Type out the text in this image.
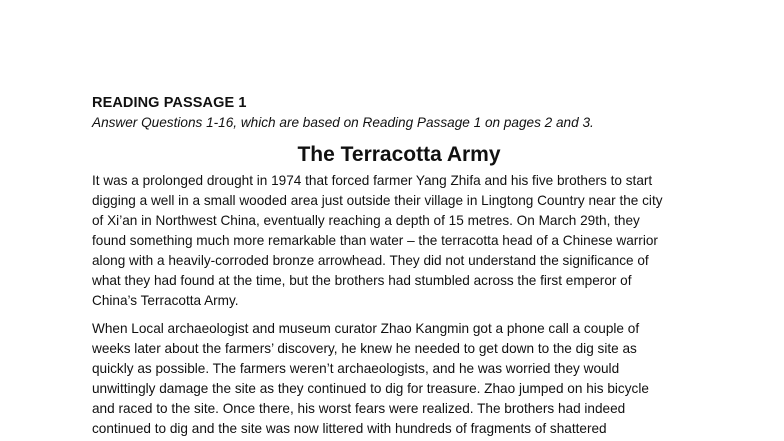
READING PASSAGE 1

Answer Questions 1-16, which are based on Reading Passage 1 on pages 2 and 3.

The Terracotta Army
It was a prolonged drought in 1974 that forced farmer Yang Zhifa and his five brothers to start
digging a well in a small wooded area just outside their village in Lingtong Country near the city
of Xi’an in Northwest China, eventually reaching a depth of 15 metres. On March 29th, they
found something much more remarkable than water – the terracotta head of a Chinese warrior
along with a heavily-corroded bronze arrowhead. They did not understand the significance of
what they had found at the time, but the brothers had stumbled across the first emperor of
China’s Terracotta Army.
When Local archaeologist and museum curator Zhao Kangmin got a phone call a couple of
weeks later about the farmers’ discovery, he knew he needed to get down to the dig site as
quickly as possible. The farmers weren’t archaeologists, and he was worried they would
unwittingly damage the site as they continued to dig for treasure. Zhao jumped on his bicycle
and raced to the site. Once there, his worst fears were realized. The brothers had indeed
continued to dig and the site was now littered with hundreds of fragments of shattered
